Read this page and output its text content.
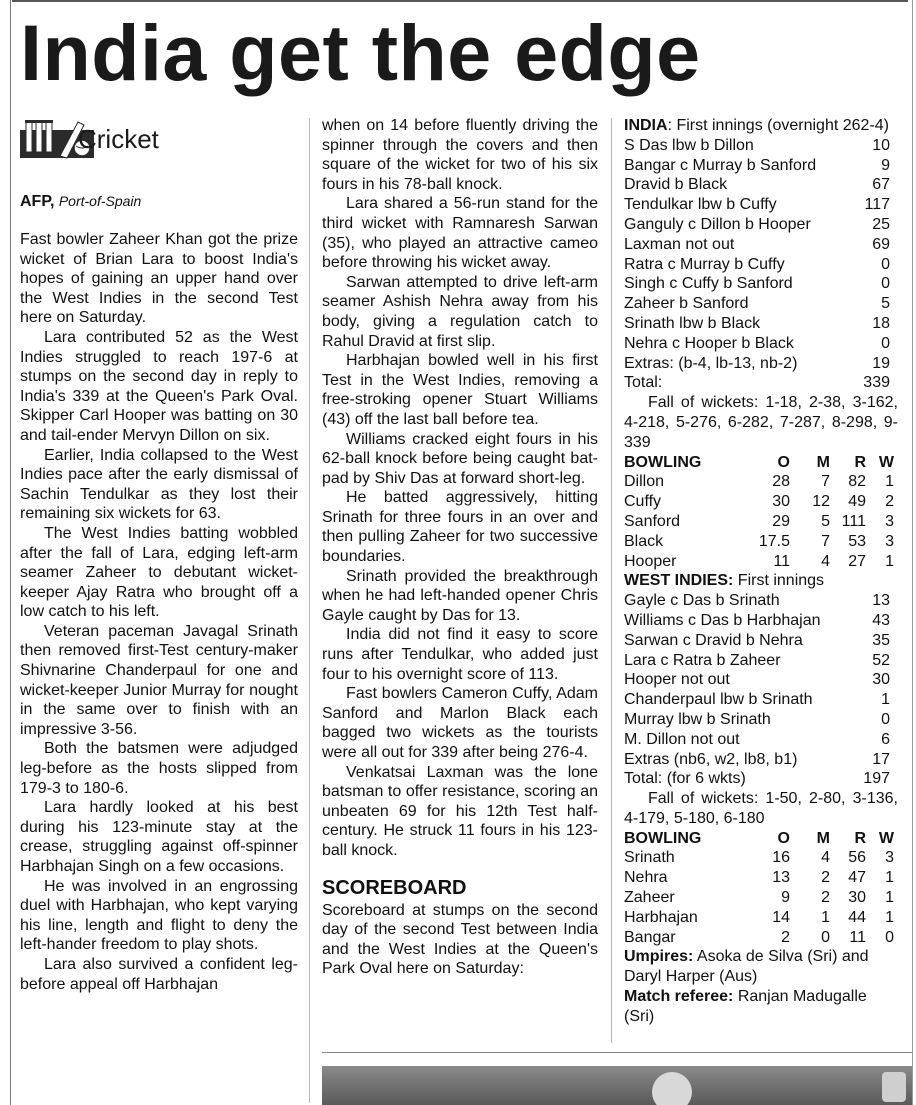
India get the edge
Cricket
AFP, Port-of-Spain

Fast bowler Zaheer Khan got the prize wicket of Brian Lara to boost India's hopes of gaining an upper hand over the West Indies in the second Test here on Saturday.

Lara contributed 52 as the West Indies struggled to reach 197-6 at stumps on the second day in reply to India's 339 at the Queen's Park Oval. Skipper Carl Hooper was batting on 30 and tail-ender Mervyn Dillon on six.

Earlier, India collapsed to the West Indies pace after the early dismissal of Sachin Tendulkar as they lost their remaining six wickets for 63.

The West Indies batting wobbled after the fall of Lara, edging left-arm seamer Zaheer to debutant wicket-keeper Ajay Ratra who brought off a low catch to his left.

Veteran paceman Javagal Srinath then removed first-Test century-maker Shivnarine Chanderpaul for one and wicket-keeper Junior Murray for nought in the same over to finish with an impressive 3-56.

Both the batsmen were adjudged leg-before as the hosts slipped from 179-3 to 180-6.

Lara hardly looked at his best during his 123-minute stay at the crease, struggling against off-spinner Harbhajan Singh on a few occasions.

He was involved in an engrossing duel with Harbhajan, who kept varying his line, length and flight to deny the left-hander freedom to play shots.

Lara also survived a confident leg-before appeal off Harbhajan

when on 14 before fluently driving the spinner through the covers and then square of the wicket for two of his six fours in his 78-ball knock.

Lara shared a 56-run stand for the third wicket with Ramnaresh Sarwan (35), who played an attractive cameo before throwing his wicket away.

Sarwan attempted to drive left-arm seamer Ashish Nehra away from his body, giving a regulation catch to Rahul Dravid at first slip.

Harbhajan bowled well in his first Test in the West Indies, removing a free-stroking opener Stuart Williams (43) off the last ball before tea.

Williams cracked eight fours in his 62-ball knock before being caught bat-pad by Shiv Das at forward short-leg.

He batted aggressively, hitting Srinath for three fours in an over and then pulling Zaheer for two successive boundaries.

Srinath provided the breakthrough when he had left-handed opener Chris Gayle caught by Das for 13.

India did not find it easy to score runs after Tendulkar, who added just four to his overnight score of 113.

Fast bowlers Cameron Cuffy, Adam Sanford and Marlon Black each bagged two wickets as the tourists were all out for 339 after being 276-4.

Venkatsai Laxman was the lone batsman to offer resistance, scoring an unbeaten 69 for his 12th Test half-century. He struck 11 fours in his 123-ball knock.

SCOREBOARD

Scoreboard at stumps on the second day of the second Test between India and the West Indies at the Queen's Park Oval here on Saturday:

INDIA: First innings (overnight 262-4)
S Das lbw b Dillon	10
Bangar c Murray b Sanford	9
Dravid b Black	67
Tendulkar lbw b Cuffy	117
Ganguly c Dillon b Hooper	25
Laxman not out	69
Ratra c Murray b Cuffy	0
Singh c Cuffy b Sanford	0
Zaheer b Sanford	5
Srinath lbw b Black	18
Nehra c Hooper b Black	0
Extras: (b-4, lb-13, nb-2)	19
Total:	339
Fall of wickets: 1-18, 2-38, 3-162, 4-218, 5-276, 6-282, 7-287, 8-298, 9-339
BOWLING	O	M	R W
Dillon	28	7	82	1
Cuffy	30	12	49	2
Sanford	29	5 111	3
Black	17.5	7	53	3
Hooper	11	4	27	1
WEST INDIES: First innings
Gayle c Das b Srinath	13
Williams c Das b Harbhajan	43
Sarwan c Dravid b Nehra	35
Lara c Ratra b Zaheer	52
Hooper not out	30
Chanderpaul lbw b Srinath	1
Murray lbw b Srinath	0
M. Dillon not out	6
Extras (nb6, w2, lb8, b1)	17
Total: (for 6 wkts)	197
Fall of wickets: 1-50, 2-80, 3-136, 4-179, 5-180, 6-180
BOWLING	O	M	R W
Srinath	16	4	56	3
Nehra	13	2	47	1
Zaheer	9	2	30	1
Harbhajan	14	1	44	1
Bangar	2	0	11	0
Umpires: Asoka de Silva (Sri) and Daryl Harper (Aus)
Match referee: Ranjan Madugalle (Sri)
